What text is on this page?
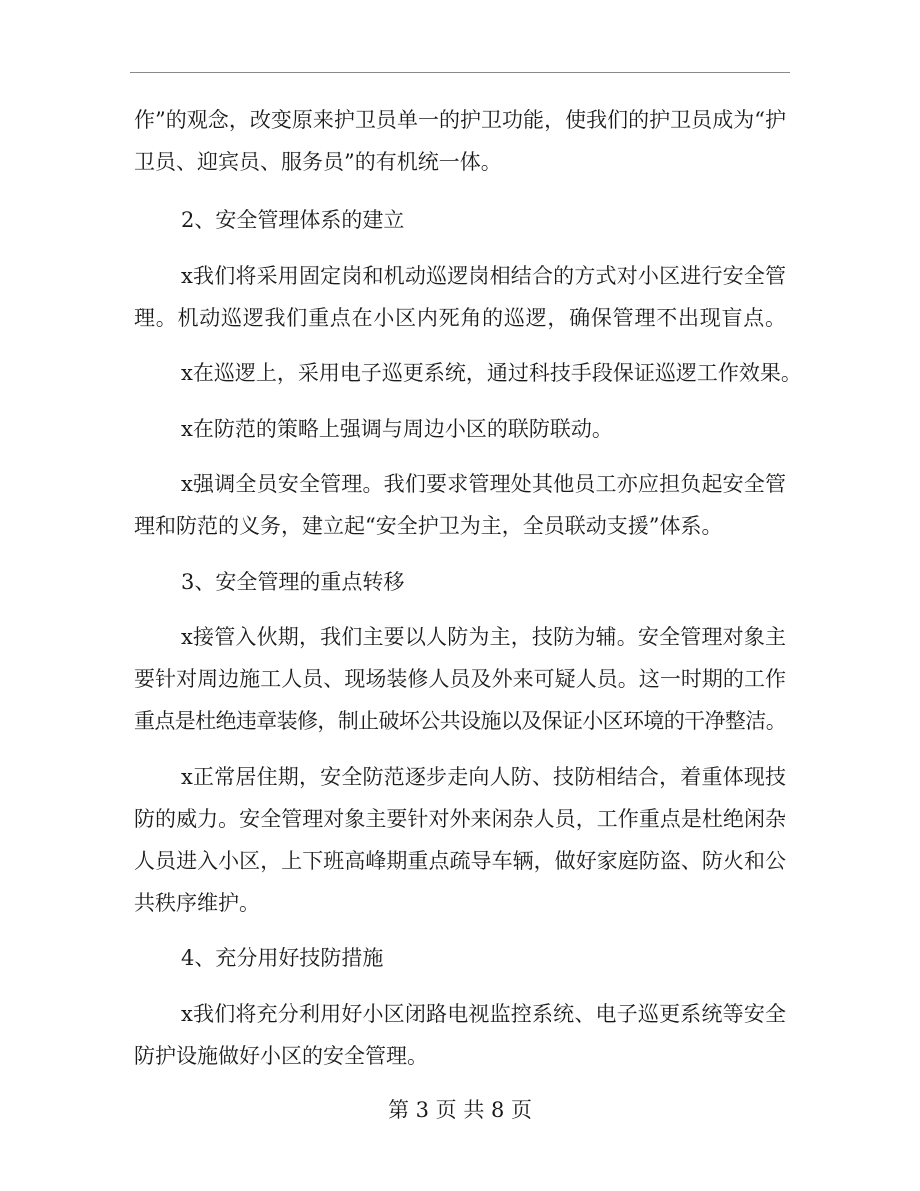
作”的观念，改变原来护卫员单一的护卫功能，使我们的护卫员成为“护
卫员、迎宾员、服务员”的有机统一体。
2、安全管理体系的建立
x我们将采用固定岗和机动巡逻岗相结合的方式对小区进行安全管
理。机动巡逻我们重点在小区内死角的巡逻，确保管理不出现盲点。
x在巡逻上，采用电子巡更系统，通过科技手段保证巡逻工作效果。
x在防范的策略上强调与周边小区的联防联动。
x强调全员安全管理。我们要求管理处其他员工亦应担负起安全管
理和防范的义务，建立起“安全护卫为主，全员联动支援”体系。
3、安全管理的重点转移
x接管入伙期，我们主要以人防为主，技防为辅。安全管理对象主
要针对周边施工人员、现场装修人员及外来可疑人员。这一时期的工作
重点是杜绝违章装修，制止破坏公共设施以及保证小区环境的干净整洁。
x正常居住期，安全防范逐步走向人防、技防相结合，着重体现技
防的威力。安全管理对象主要针对外来闲杂人员，工作重点是杜绝闲杂
人员进入小区，上下班高峰期重点疏导车辆，做好家庭防盗、防火和公
共秩序维护。
4、充分用好技防措施
x我们将充分利用好小区闭路电视监控系统、电子巡更系统等安全
防护设施做好小区的安全管理。
第 3 页 共 8 页
